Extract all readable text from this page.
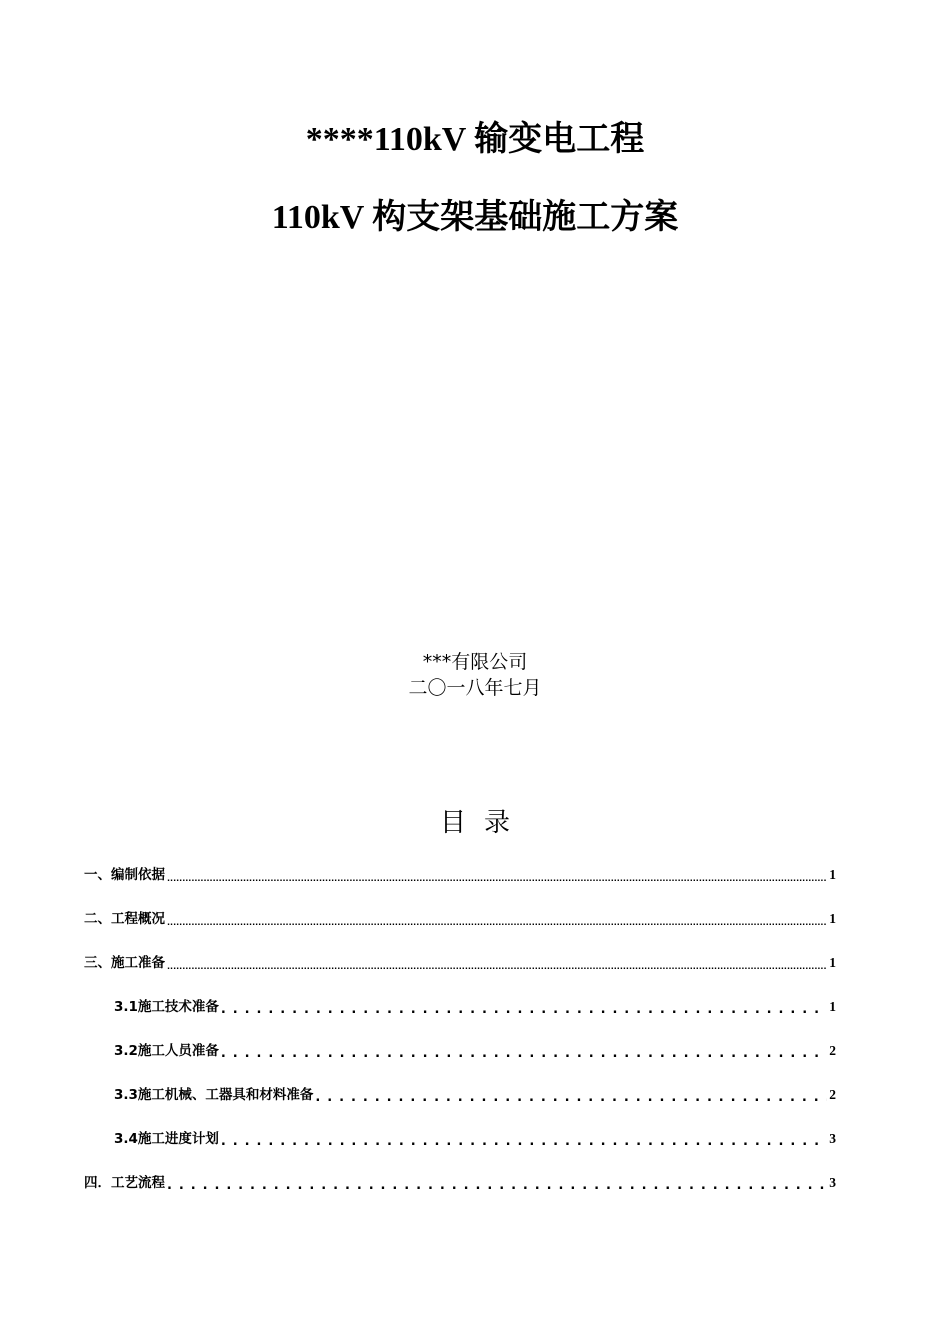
****110kV 输变电工程
110kV 构支架基础施工方案
***有限公司
二〇一八年七月
目录
一、编制依据 .....	1
二、工程概况 .....	1
三、施工准备 .....	1
3.1施工技术准备 . . .	1
3.2施工人员准备 . . .	2
3.3施工机械、工器具和材料准备 . . .	2
3.4施工进度计划 . . .	3
四．工艺流程 . . .	3
